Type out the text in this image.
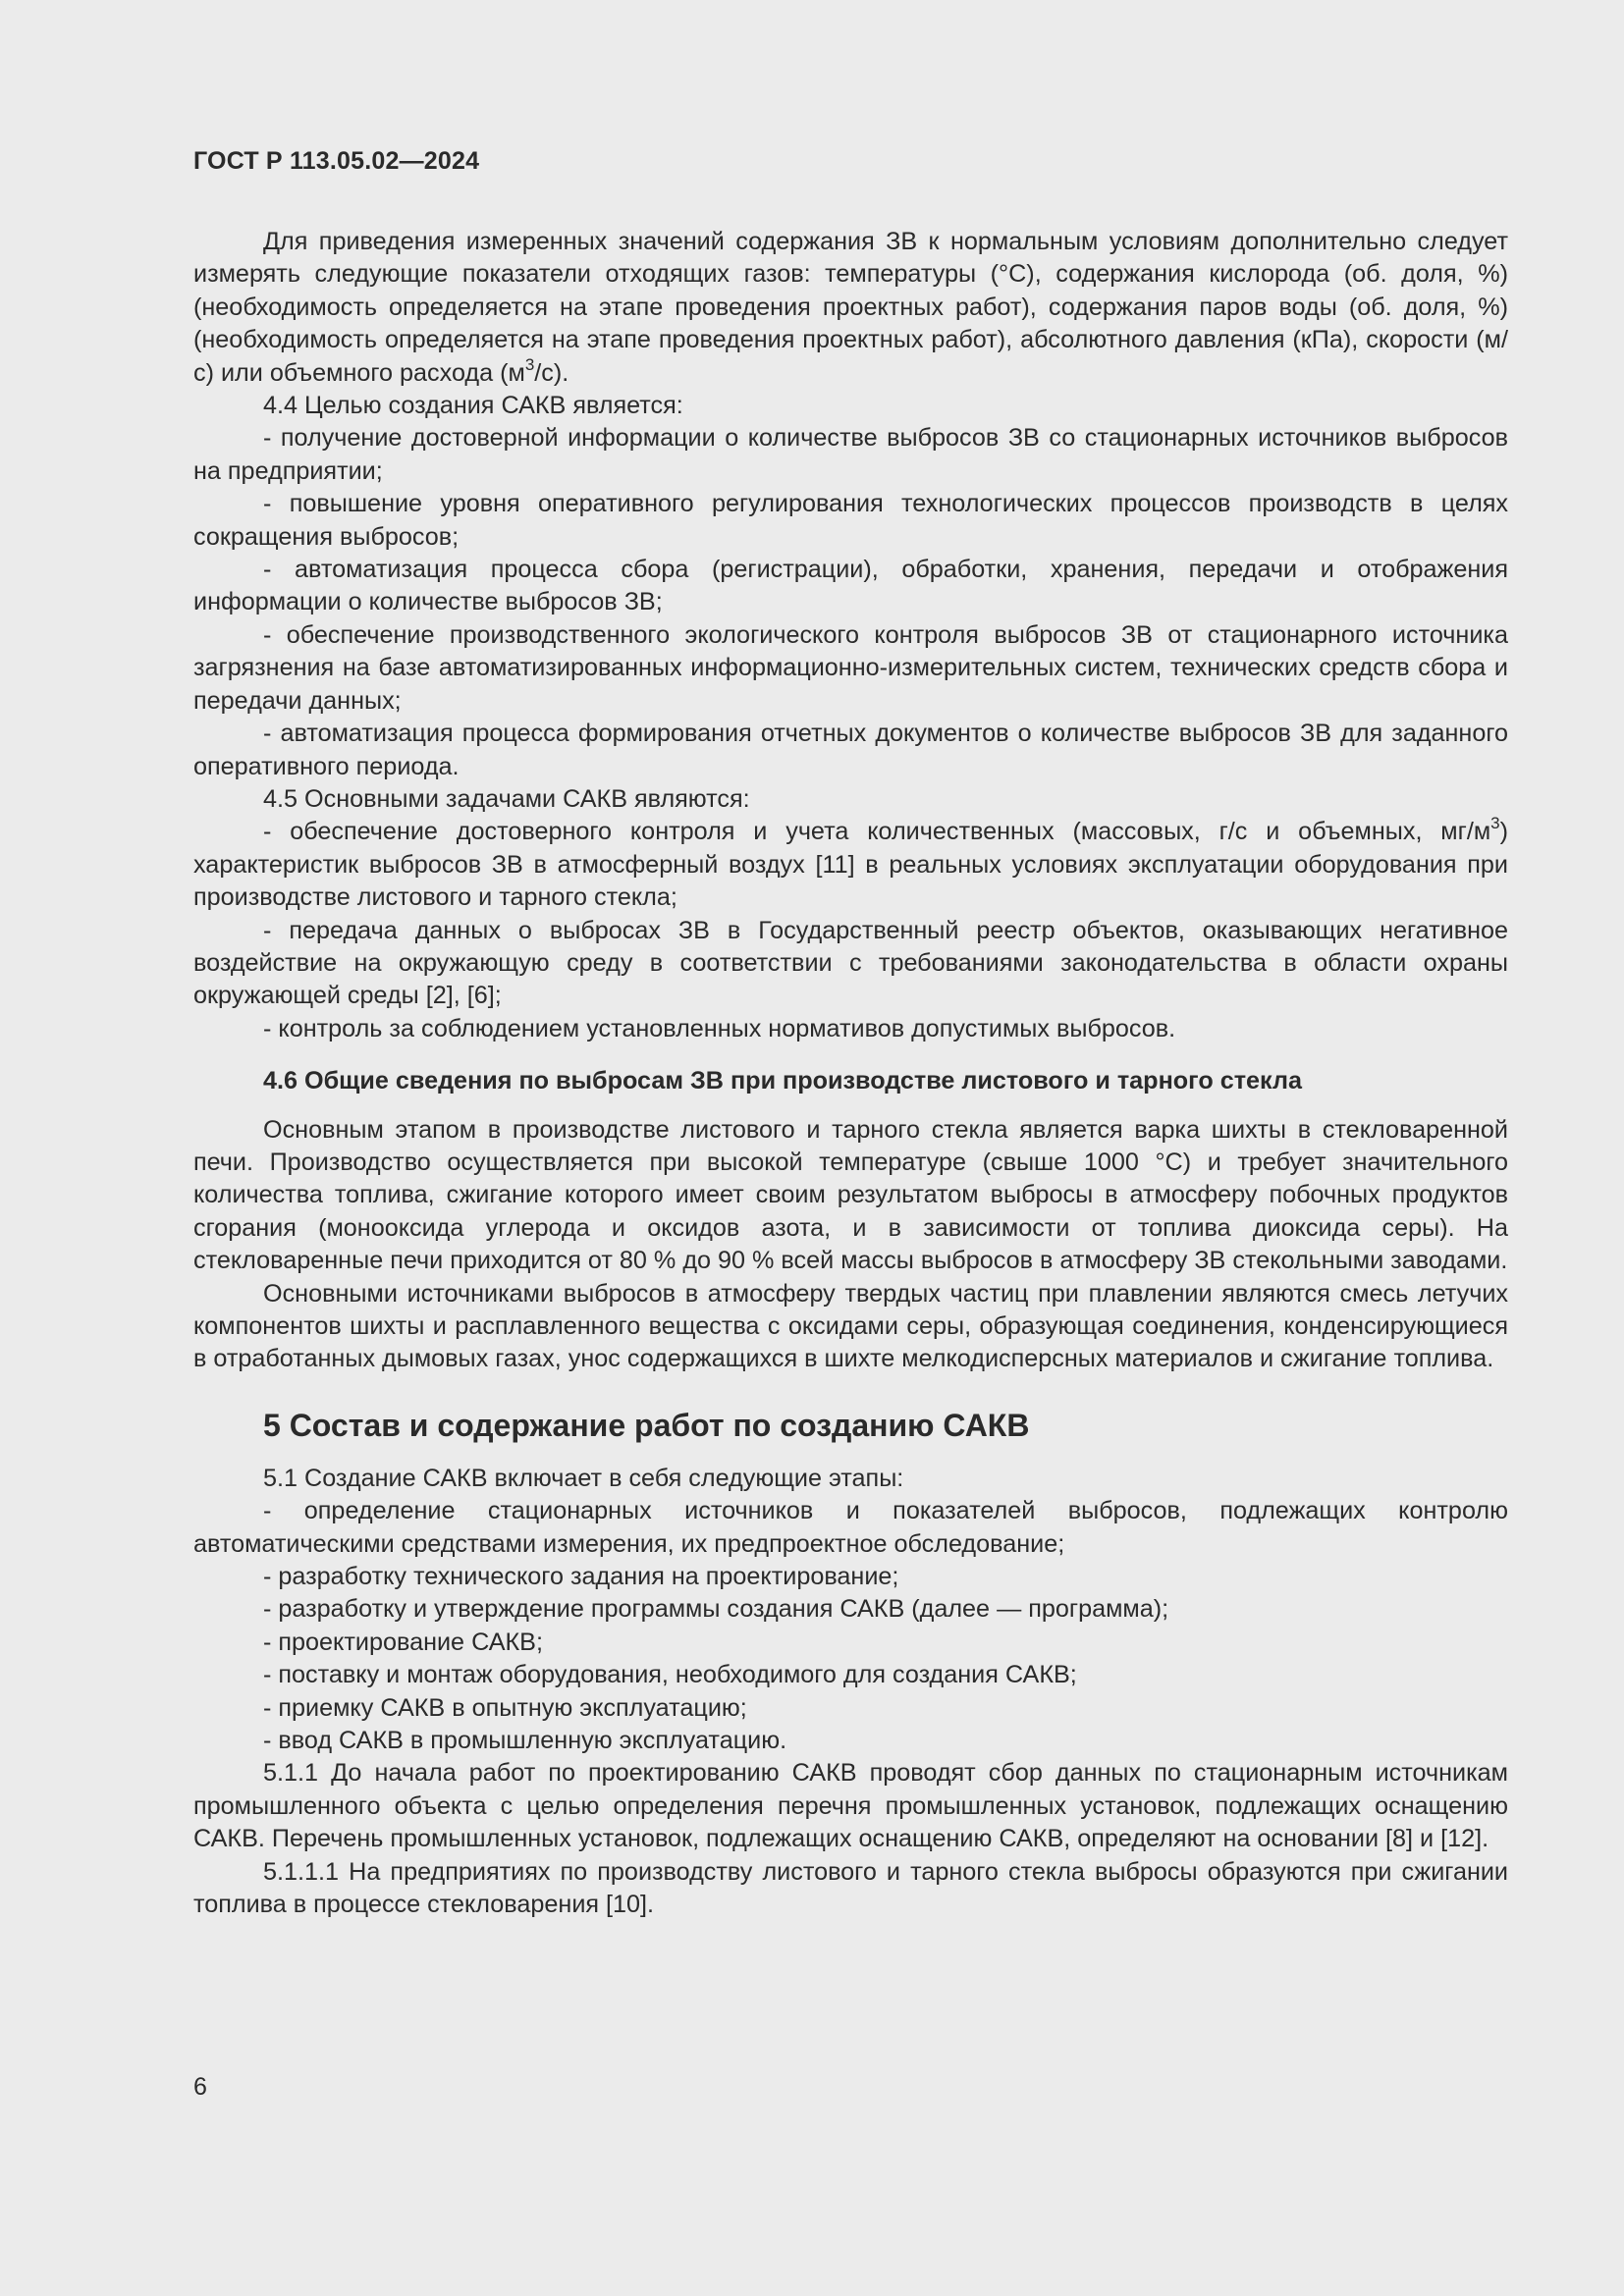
ГОСТ Р 113.05.02—2024

Для приведения измеренных значений содержания ЗВ к нормальным условиям дополнительно следует измерять следующие показатели отходящих газов: температуры (°С), содержания кислорода (об. доля, %) (необходимость определяется на этапе проведения проектных работ), содержания паров воды (об. доля, %) (необходимость определяется на этапе проведения проектных работ), абсолютного давления (кПа), скорости (м/с) или объемного расхода $(м^3/с)$.

4.4 Целью создания САКВ является:

- получение достоверной информации о количестве выбросов ЗВ со стационарных источников выбросов на предприятии;

- повышение уровня оперативного регулирования технологических процессов производств в целях сокращения выбросов;

- автоматизация процесса сбора (регистрации), обработки, хранения, передачи и отображения информации о количестве выбросов ЗВ;

- обеспечение производственного экологического контроля выбросов ЗВ от стационарного источника загрязнения на базе автоматизированных информационно-измерительных систем, технических средств сбора и передачи данных;

- автоматизация процесса формирования отчетных документов о количестве выбросов ЗВ для заданного оперативного периода.

4.5 Основными задачами САКВ являются:

- обеспечение достоверного контроля и учета количественных (массовых, г/с и объемных, $мг/м^3$) характеристик выбросов ЗВ в атмосферный воздух [11] в реальных условиях эксплуатации оборудования при производстве листового и тарного стекла;

- передача данных о выбросах ЗВ в Государственный реестр объектов, оказывающих негативное воздействие на окружающую среду в соответствии с требованиями законодательства в области охраны окружающей среды [2], [6];

- контроль за соблюдением установленных нормативов допустимых выбросов.

4.6 Общие сведения по выбросам ЗВ при производстве листового и тарного стекла

Основным этапом в производстве листового и тарного стекла является варка шихты в стекловаренной печи. Производство осуществляется при высокой температуре (свыше 1000 °С) и требует значительного количества топлива, сжигание которого имеет своим результатом выбросы в атмосферу побочных продуктов сгорания (монооксида углерода и оксидов азота, и в зависимости от топлива диоксида серы). На стекловаренные печи приходится от 80 % до 90 % всей массы выбросов в атмосферу ЗВ стекольными заводами.

Основными источниками выбросов в атмосферу твердых частиц при плавлении являются смесь летучих компонентов шихты и расплавленного вещества с оксидами серы, образующая соединения, конденсирующиеся в отработанных дымовых газах, унос содержащихся в шихте мелкодисперсных материалов и сжигание топлива.

5 Состав и содержание работ по созданию САКВ

5.1 Создание САКВ включает в себя следующие этапы:

- определение стационарных источников и показателей выбросов, подлежащих контролю автоматическими средствами измерения, их предпроектное обследование;

- разработку технического задания на проектирование;

- разработку и утверждение программы создания САКВ (далее — программа);

- проектирование САКВ;

- поставку и монтаж оборудования, необходимого для создания САКВ;

- приемку САКВ в опытную эксплуатацию;

- ввод САКВ в промышленную эксплуатацию.

5.1.1 До начала работ по проектированию САКВ проводят сбор данных по стационарным источникам промышленного объекта с целью определения перечня промышленных установок, подлежащих оснащению САКВ. Перечень промышленных установок, подлежащих оснащению САКВ, определяют на основании [8] и [12].

5.1.1.1 На предприятиях по производству листового и тарного стекла выбросы образуются при сжигании топлива в процессе стекловарения [10].

6
